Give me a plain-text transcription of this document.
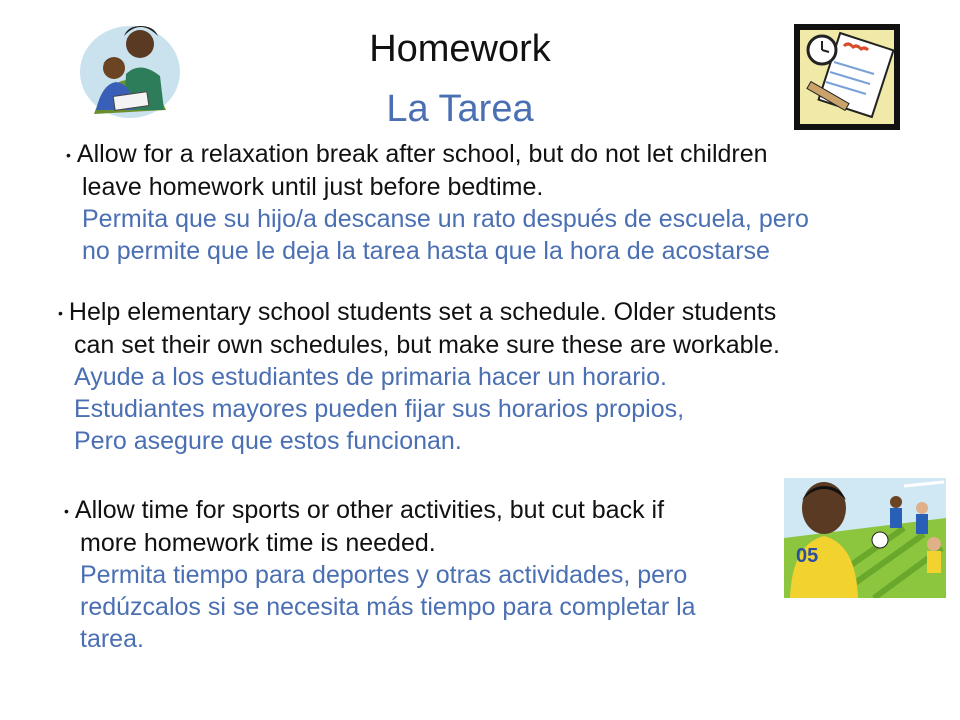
Homework
La Tarea
• Allow for a relaxation break after school, but do not let children
leave homework until just before bedtime.
Permita que su hijo/a descanse un rato después de escuela, pero
no permite que le deja la tarea hasta que la hora de acostarse
• Help elementary school students set a schedule. Older students
can set their own schedules, but make sure these are workable.
Ayude a los estudiantes de primaria hacer un horario.
Estudiantes mayores pueden fijar sus horarios propios,
Pero asegure que estos funcionan.
• Allow time for sports or other activities, but cut back if
more homework time is needed.
Permita tiempo para deportes y otras actividades, pero
redúzcalos si se necesita más tiempo para completar la
tarea.
05
